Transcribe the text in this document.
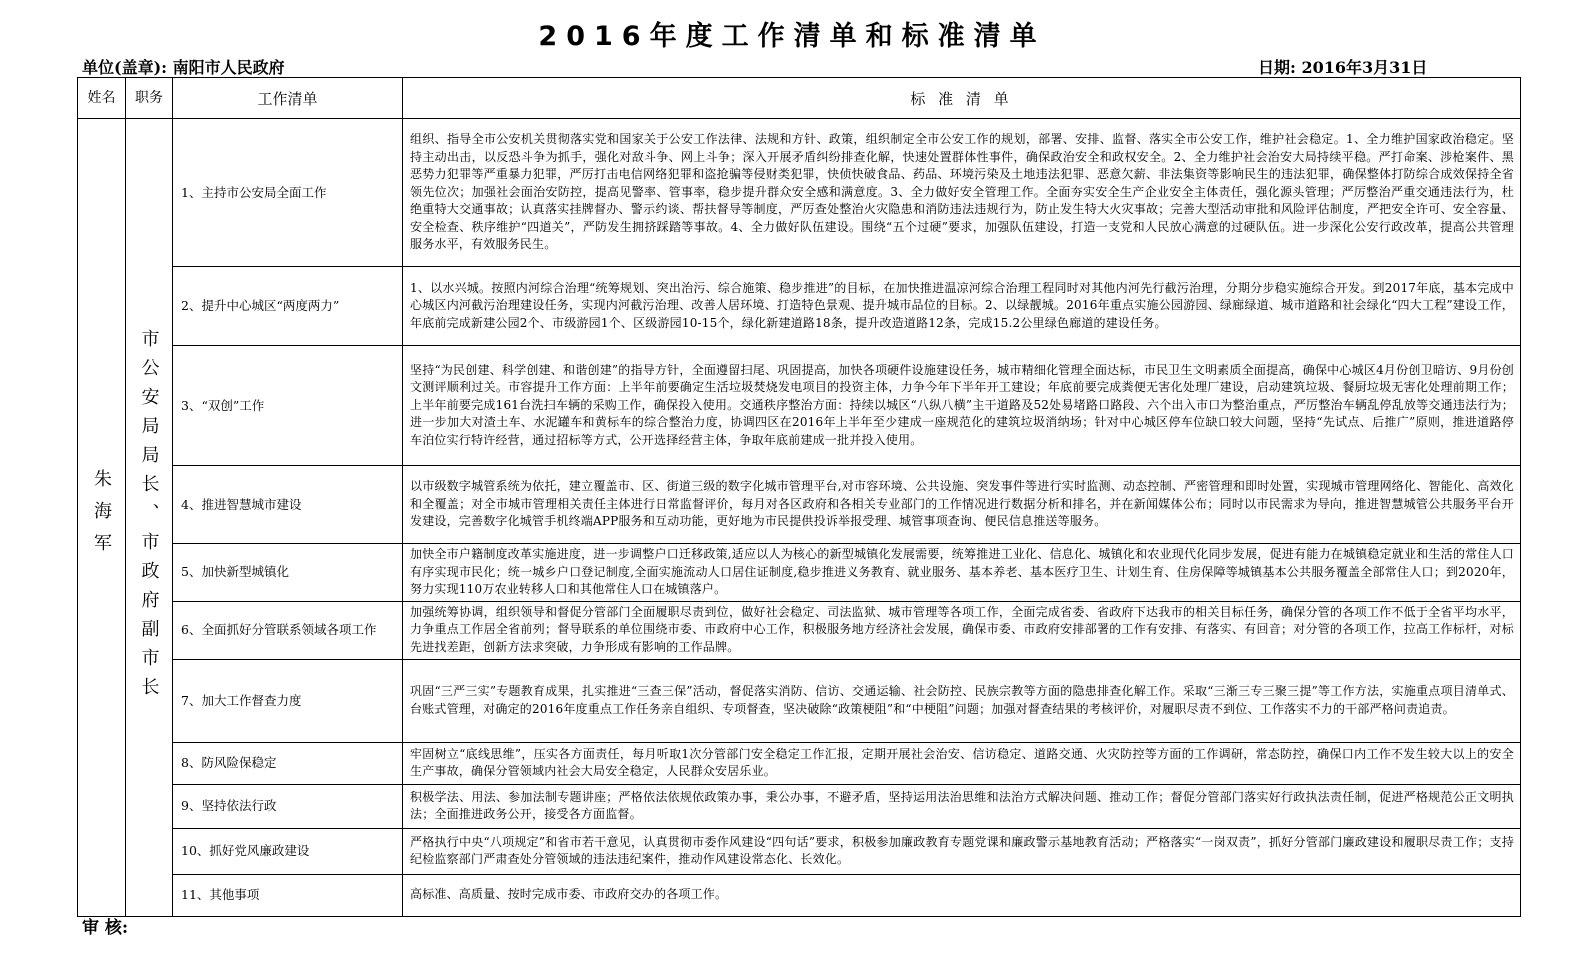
2016年度工作清单和标准清单
单位(盖章): 南阳市人民政府	日期: 2016年3月31日
姓名	职务	工作清单	标 准 清 单

朱海军	市公安局局长、市政府副市长	1、主持市公安局全面工作	组织、指导全市公安机关贯彻落实党和国家关于公安工作法律、法规和方针、政策，组织制定全市公安工作的规划，部署、安排、监督、落实全市公安工作，维护社会稳定。1、全力维护国家政治稳定。坚持主动出击，以反恐斗争为抓手，强化对敌斗争、网上斗争；深入开展矛盾纠纷排查化解，快速处置群体性事件，确保政治安全和政权安全。2、全力维护社会治安大局持续平稳。严打命案、涉枪案件、黑恶势力犯罪等严重暴力犯罪，严厉打击电信网络犯罪和盗抢骗等侵财类犯罪，快侦快破食品、药品、环境污染及土地违法犯罪、恶意欠薪、非法集资等影响民生的违法犯罪，确保整体打防综合成效保持全省领先位次；加强社会面治安防控，提高见警率、管事率，稳步提升群众安全感和满意度。3、全力做好安全管理工作。全面夯实安全生产企业安全主体责任，强化源头管理；严厉整治严重交通违法行为，杜绝重特大交通事故；认真落实挂牌督办、警示约谈、帮扶督导等制度，严厉查处整治火灾隐患和消防违法违规行为，防止发生特大火灾事故；完善大型活动审批和风险评估制度，严把安全许可、安全容量、安全检查、秩序维护“四道关”，严防发生拥挤踩踏等事故。4、全力做好队伍建设。围绕“五个过硬”要求，加强队伍建设，打造一支党和人民放心满意的过硬队伍。进一步深化公安行政改革，提高公共管理服务水平，有效服务民生。
		2、提升中心城区“两度两力”	1、以水兴城。按照内河综合治理“统筹规划、突出治污、综合施策、稳步推进”的目标，在加快推进温凉河综合治理工程同时对其他内河先行截污治理，分期分步稳实施综合开发。到2017年底，基本完成中心城区内河截污治理建设任务，实现内河截污治理、改善人居环境、打造特色景观、提升城市品位的目标。2、以绿靓城。2016年重点实施公园游园、绿廊绿道、城市道路和社会绿化“四大工程”建设工作，年底前完成新建公园2个、市级游园1个、区级游园10-15个，绿化新建道路18条，提升改造道路12条，完成15.2公里绿色廊道的建设任务。
		3、“双创”工作	坚持“为民创建、科学创建、和谐创建”的指导方针，全面遵留扫尾、巩固提高，加快各项硬件设施建设任务，城市精细化管理全面达标，市民卫生文明素质全面提高，确保中心城区4月份创卫暗访、9月份创文测评顺利过关。市容提升工作方面：上半年前要确定生活垃圾焚烧发电项目的投资主体，力争今年下半年开工建设；年底前要完成粪便无害化处理厂建设，启动建筑垃圾、餐厨垃圾无害化处理前期工作；上半年前要完成161台洗扫车辆的采购工作，确保投入使用。交通秩序整治方面：持续以城区“八纵八横”主干道路及52处易堵路口路段、六个出入市口为整治重点，严厉整治车辆乱停乱放等交通违法行为；进一步加大对渣土车、水泥罐车和黄标车的综合整治力度，协调四区在2016年上半年至少建成一座规范化的建筑垃圾消纳场；针对中心城区停车位缺口较大问题，坚持“先试点、后推广”原则，推进道路停车泊位实行特许经营，通过招标等方式，公开选择经营主体，争取年底前建成一批并投入使用。
		4、推进智慧城市建设	以市级数字城管系统为依托，建立覆盖市、区、街道三级的数字化城市管理平台,对市容环境、公共设施、突发事件等进行实时监测、动态控制、严密管理和即时处置，实现城市管理网络化、智能化、高效化和全覆盖；对全市城市管理相关责任主体进行日常监督评价，每月对各区政府和各相关专业部门的工作情况进行数据分析和排名，并在新闻媒体公布；同时以市民需求为导向，推进智慧城管公共服务平台开发建设，完善数字化城管手机终端APP服务和互动功能，更好地为市民提供投诉举报受理、城管事项查询、便民信息推送等服务。
		5、加快新型城镇化	加快全市户籍制度改革实施进度，进一步调整户口迁移政策,适应以人为核心的新型城镇化发展需要，统筹推进工业化、信息化、城镇化和农业现代化同步发展，促进有能力在城镇稳定就业和生活的常住人口有序实现市民化；统一城乡户口登记制度,全面实施流动人口居住证制度,稳步推进义务教育、就业服务、基本养老、基本医疗卫生、计划生育、住房保障等城镇基本公共服务覆盖全部常住人口；到2020年，努力实现110万农业转移人口和其他常住人口在城镇落户。
		6、全面抓好分管联系领域各项工作	加强统筹协调，组织领导和督促分管部门全面履职尽责到位，做好社会稳定、司法监狱、城市管理等各项工作，全面完成省委、省政府下达我市的相关目标任务，确保分管的各项工作不低于全省平均水平，力争重点工作居全省前列；督导联系的单位围绕市委、市政府中心工作，积极服务地方经济社会发展，确保市委、市政府安排部署的工作有安排、有落实、有回音；对分管的各项工作，拉高工作标杆，对标先进找差距，创新方法求突破，力争形成有影响的工作品牌。
		7、加大工作督查力度	巩固“三严三实”专题教育成果，扎实推进“三查三保”活动，督促落实消防、信访、交通运输、社会防控、民族宗教等方面的隐患排查化解工作。采取“三渐三专三聚三提”等工作方法，实施重点项目清单式、台账式管理，对确定的2016年度重点工作任务亲自组织、专项督查，坚决破除“政策梗阻”和“中梗阻”问题；加强对督查结果的考核评价，对履职尽责不到位、工作落实不力的干部严格问责追责。
		8、防风险保稳定	牢固树立“底线思维”，压实各方面责任，每月听取1次分管部门安全稳定工作汇报，定期开展社会治安、信访稳定、道路交通、火灾防控等方面的工作调研，常态防控，确保口内工作不发生较大以上的安全生产事故，确保分管领域内社会大局安全稳定，人民群众安居乐业。
		9、坚持依法行政	积极学法、用法、参加法制专题讲座；严格依法依规依政策办事，秉公办事，不避矛盾，坚持运用法治思维和法治方式解决问题、推动工作；督促分管部门落实好行政执法责任制，促进严格规范公正文明执法；全面推进政务公开，接受各方面监督。
		10、抓好党风廉政建设	严格执行中央“八项规定”和省市若干意见，认真贯彻市委作风建设“四句话”要求，积极参加廉政教育专题党课和廉政警示基地教育活动；严格落实“一岗双责”，抓好分管部门廉政建设和履职尽责工作；支持纪检监察部门严肃查处分管领域的违法违纪案件，推动作风建设常态化、长效化。
		11、其他事项	高标准、高质量、按时完成市委、市政府交办的各项工作。
审 核:
